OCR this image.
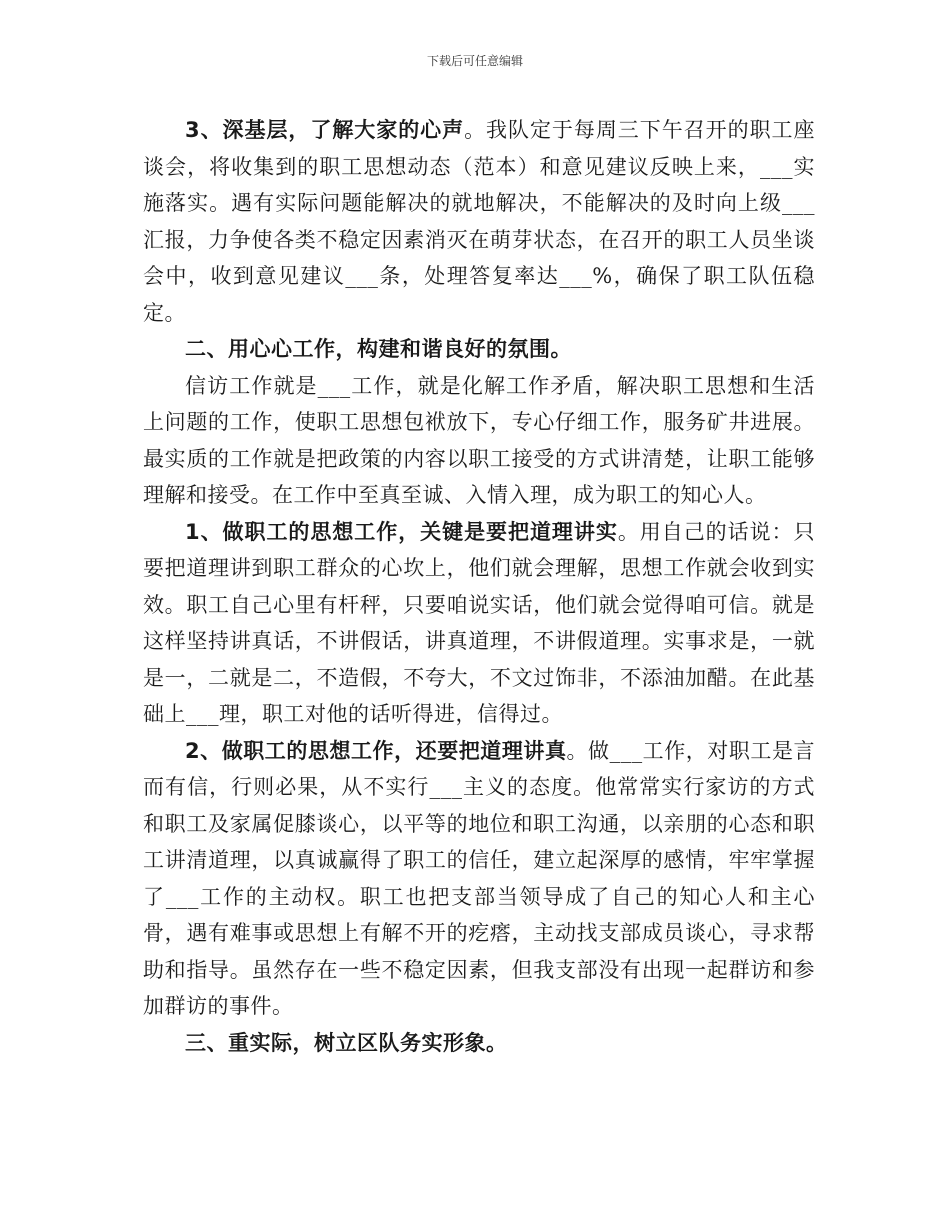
下载后可任意编辑

3、深基层，了解大家的心声。我队定于每周三下午召开的职工座谈会，将收集到的职工思想动态（范本）和意见建议反映上来，___实施落实。遇有实际问题能解决的就地解决，不能解决的及时向上级___汇报，力争使各类不稳定因素消灭在萌芽状态，在召开的职工人员坐谈会中，收到意见建议___条，处理答复率达___%，确保了职工队伍稳定。

二、用心心工作，构建和谐良好的氛围。

信访工作就是___工作，就是化解工作矛盾，解决职工思想和生活上问题的工作，使职工思想包袱放下，专心仔细工作，服务矿井进展。最实质的工作就是把政策的内容以职工接受的方式讲清楚，让职工能够理解和接受。在工作中至真至诚、入情入理，成为职工的知心人。

1、做职工的思想工作，关键是要把道理讲实。用自己的话说：只要把道理讲到职工群众的心坎上，他们就会理解，思想工作就会收到实效。职工自己心里有杆秤，只要咱说实话，他们就会觉得咱可信。就是这样坚持讲真话，不讲假话，讲真道理，不讲假道理。实事求是，一就是一，二就是二，不造假，不夸大，不文过饰非，不添油加醋。在此基础上___理，职工对他的话听得进，信得过。

2、做职工的思想工作，还要把道理讲真。做___工作，对职工是言而有信，行则必果，从不实行___主义的态度。他常常实行家访的方式和职工及家属促膝谈心，以平等的地位和职工沟通，以亲朋的心态和职工讲清道理，以真诚赢得了职工的信任，建立起深厚的感情，牢牢掌握了___工作的主动权。职工也把支部当领导成了自己的知心人和主心骨，遇有难事或思想上有解不开的疙瘩，主动找支部成员谈心，寻求帮助和指导。虽然存在一些不稳定因素，但我支部没有出现一起群访和参加群访的事件。

三、重实际，树立区队务实形象。
